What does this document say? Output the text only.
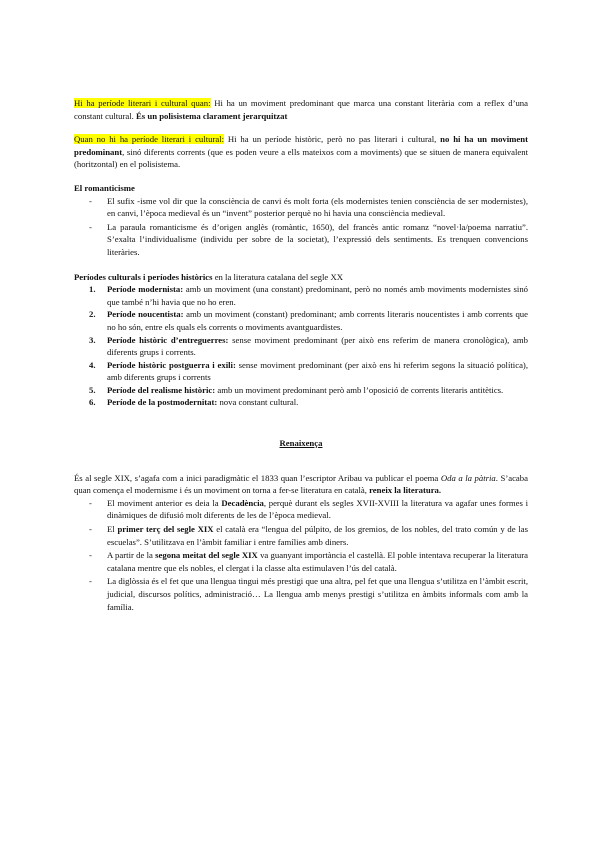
Hi ha període literari i cultural quan: Hi ha un moviment predominant que marca una constant literària com a reflex d’una constant cultural. És un polisistema clarament jerarquitzat

Quan no hi ha període literari i cultural: Hi ha un període històric, però no pas literari i cultural, no hi ha un moviment predominant, sinó diferents corrents (que es poden veure a ells mateixos com a moviments) que se situen de manera equivalent (horitzontal) en el polisistema.

El romanticisme

- El sufix -isme vol dir que la consciència de canvi és molt forta (els modernistes tenien consciència de ser modernistes), en canvi, l’època medieval és un “invent” posterior perquè no hi havia una consciència medieval.
- La paraula romanticisme és d’origen anglès (romàntic, 1650), del francès antic romanz “novel·la/poema narratiu”. S’exalta l’individualisme (individu per sobre de la societat), l’expressió dels sentiments. Es trenquen convencions literàries.

Períodes culturals i períodes històrics en la literatura catalana del segle XX

1. Període modernista: amb un moviment (una constant) predominant, però no només amb moviments modernistes sinó que també n’hi havia que no ho eren.
2. Període noucentista: amb un moviment (constant) predominant; amb corrents literaris noucentistes i amb corrents que no ho són, entre els quals els corrents o moviments avantguardistes.
3. Període històric d’entreguerres: sense moviment predominant (per això ens referim de manera cronològica), amb diferents grups i corrents.
4. Període històric postguerra i exili: sense moviment predominant (per això ens hi referim segons la situació política), amb diferents grups i corrents
5. Període del realisme històric: amb un moviment predominant però amb l’oposició de corrents literaris antitètics.
6. Període de la postmodernitat: nova constant cultural.

Renaixença

És al segle XIX, s’agafa com a inici paradigmàtic el 1833 quan l’escriptor Aribau va publicar el poema Oda a la pàtria. S’acaba quan comença el modernisme i és un moviment on torna a fer-se literatura en català, reneix la literatura.

- El moviment anterior es deia la Decadència, perquè durant els segles XVII-XVIII la literatura va agafar unes formes i dinàmiques de difusió molt diferents de les de l’època medieval.
- El primer terç del segle XIX el català era “lengua del púlpito, de los gremios, de los nobles, del trato común y de las escuelas”. S’utilitzava en l’àmbit familiar i entre famílies amb diners.
- A partir de la segona meitat del segle XIX va guanyant importància el castellà. El poble intentava recuperar la literatura catalana mentre que els nobles, el clergat i la classe alta estimulaven l’ús del català.
- La diglòssia és el fet que una llengua tingui més prestigi que una altra, pel fet que una llengua s’utilitza en l’àmbit escrit, judicial, discursos polítics, administració… La llengua amb menys prestigi s’utilitza en àmbits informals com amb la família.
